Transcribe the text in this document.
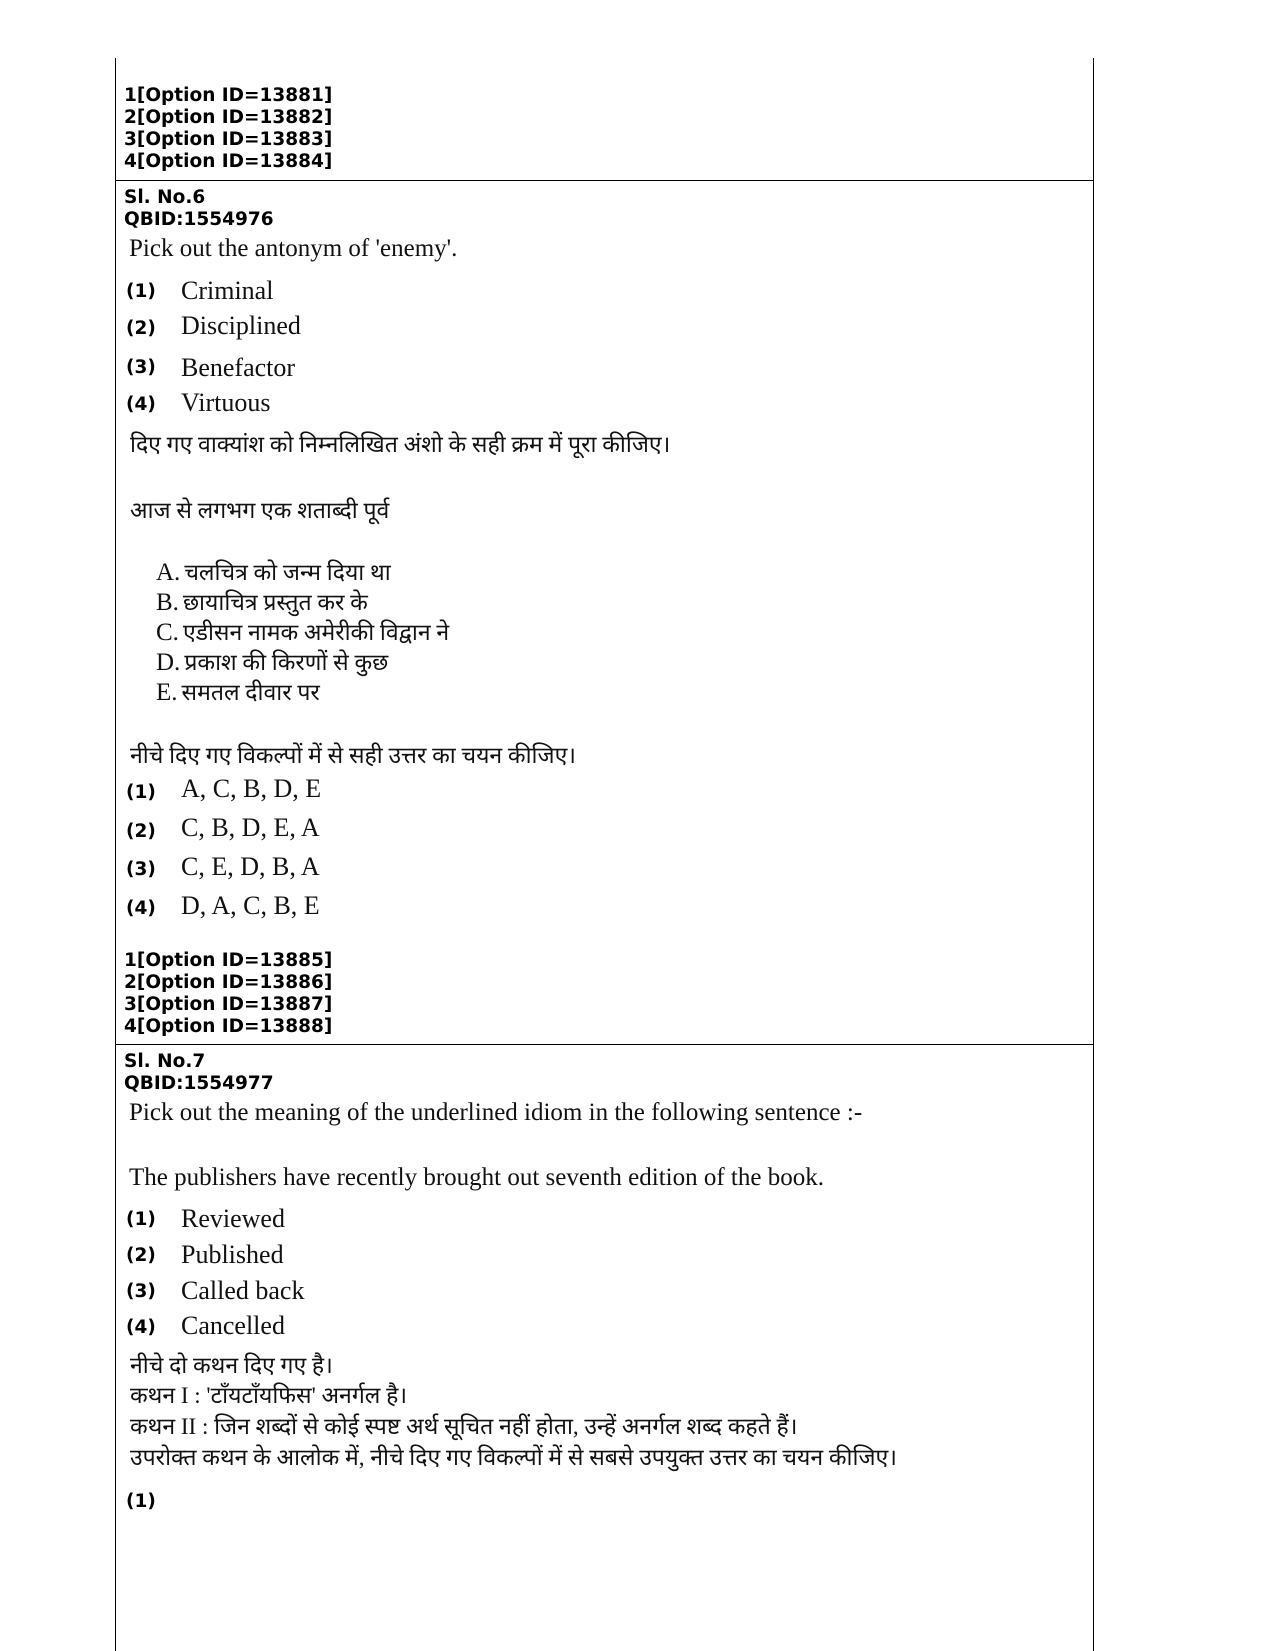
1[Option ID=13881]
2[Option ID=13882]
3[Option ID=13883]
4[Option ID=13884]
Sl. No.6
QBID:1554976
Pick out the antonym of 'enemy'.
(1) Criminal
(2) Disciplined
(3) Benefactor
(4) Virtuous
दिए गए वाक्यांश को निम्नलिखित अंशो के सही क्रम में पूरा कीजिए।
आज से लगभग एक शताब्दी पूर्व
A. चलचित्र को जन्म दिया था
B. छायाचित्र प्रस्तुत कर के
C. एडीसन नामक अमेरीकी विद्वान ने
D. प्रकाश की किरणों से कुछ
E. समतल दीवार पर
नीचे दिए गए विकल्पों में से सही उत्तर का चयन कीजिए।
(1) A, C, B, D, E
(2) C, B, D, E, A
(3) C, E, D, B, A
(4) D, A, C, B, E
1[Option ID=13885]
2[Option ID=13886]
3[Option ID=13887]
4[Option ID=13888]
Sl. No.7
QBID:1554977
Pick out the meaning of the underlined idiom in the following sentence :-
The publishers have recently brought out seventh edition of the book.
(1) Reviewed
(2) Published
(3) Called back
(4) Cancelled
नीचे दो कथन दिए गए है।
कथन I : 'टाँयटाँयफिस' अनर्गल है।
कथन II : जिन शब्दों से कोई स्पष्ट अर्थ सूचित नहीं होता, उन्हें अनर्गल शब्द कहते हैं।
उपरोक्त कथन के आलोक में, नीचे दिए गए विकल्पों में से सबसे उपयुक्त उत्तर का चयन कीजिए।
(1)
